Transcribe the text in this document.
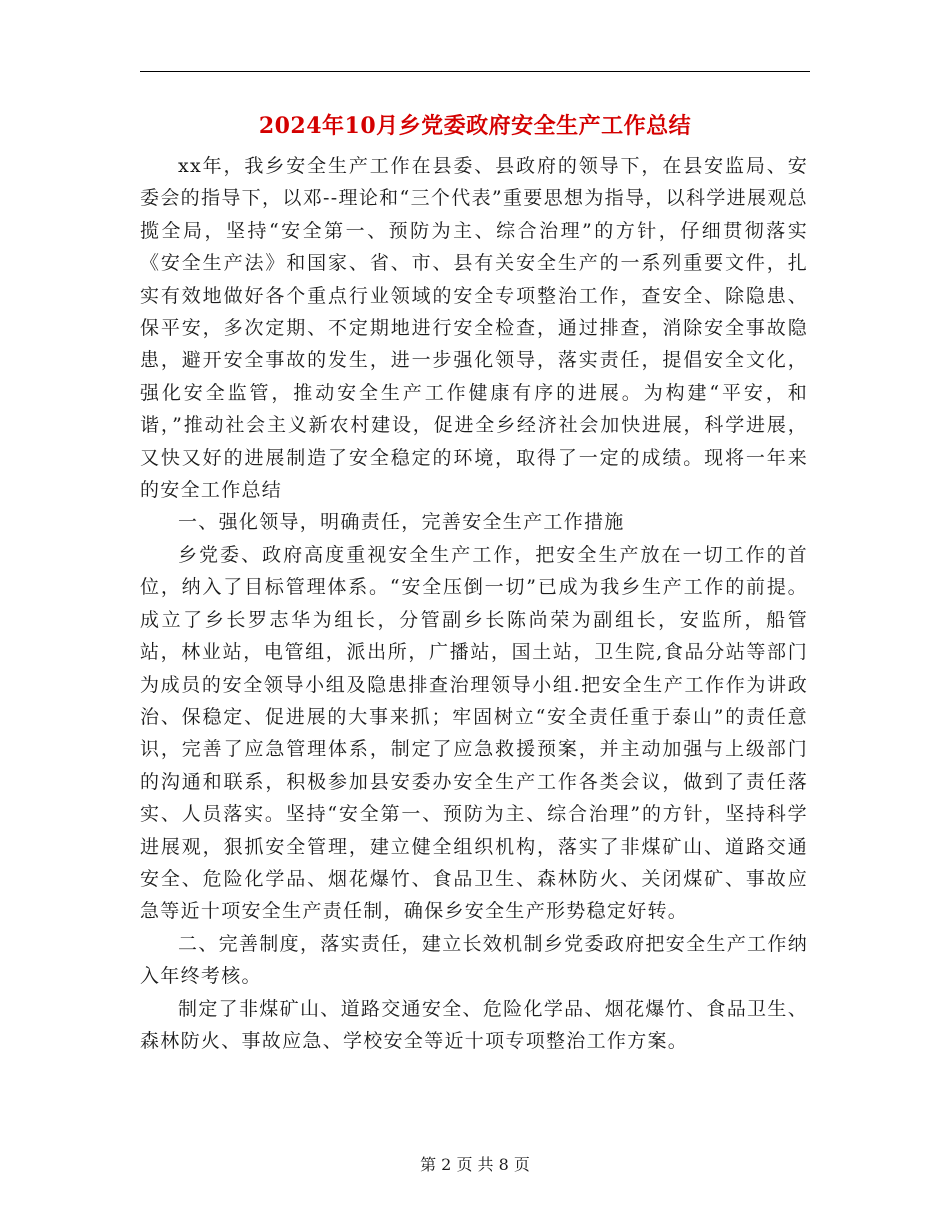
2024年10月乡党委政府安全生产工作总结

xx年，我乡安全生产工作在县委、县政府的领导下，在县安监局、安委会的指导下，以邓--理论和“三个代表”重要思想为指导，以科学进展观总揽全局，坚持“安全第一、预防为主、综合治理”的方针，仔细贯彻落实《安全生产法》和国家、省、市、县有关安全生产的一系列重要文件，扎实有效地做好各个重点行业领域的安全专项整治工作，查安全、除隐患、保平安，多次定期、不定期地进行安全检查，通过排查，消除安全事故隐患，避开安全事故的发生，进一步强化领导，落实责任，提倡安全文化，强化安全监管，推动安全生产工作健康有序的进展。为构建“平安，和谐，”推动社会主义新农村建设，促进全乡经济社会加快进展，科学进展，又快又好的进展制造了安全稳定的环境，取得了一定的成绩。现将一年来的安全工作总结

一、强化领导，明确责任，完善安全生产工作措施

乡党委、政府高度重视安全生产工作，把安全生产放在一切工作的首位，纳入了目标管理体系。“安全压倒一切”已成为我乡生产工作的前提。成立了乡长罗志华为组长，分管副乡长陈尚荣为副组长，安监所，船管站，林业站，电管组，派出所，广播站，国土站，卫生院,食品分站等部门为成员的安全领导小组及隐患排查治理领导小组.把安全生产工作作为讲政治、保稳定、促进展的大事来抓；牢固树立“安全责任重于泰山”的责任意识，完善了应急管理体系，制定了应急救援预案，并主动加强与上级部门的沟通和联系，积极参加县安委办安全生产工作各类会议，做到了责任落实、人员落实。坚持“安全第一、预防为主、综合治理”的方针，坚持科学进展观，狠抓安全管理，建立健全组织机构，落实了非煤矿山、道路交通安全、危险化学品、烟花爆竹、食品卫生、森林防火、关闭煤矿、事故应急等近十项安全生产责任制，确保乡安全生产形势稳定好转。

二、完善制度，落实责任，建立长效机制乡党委政府把安全生产工作纳入年终考核。

制定了非煤矿山、道路交通安全、危险化学品、烟花爆竹、食品卫生、森林防火、事故应急、学校安全等近十项专项整治工作方案。

第 2 页 共 8 页
